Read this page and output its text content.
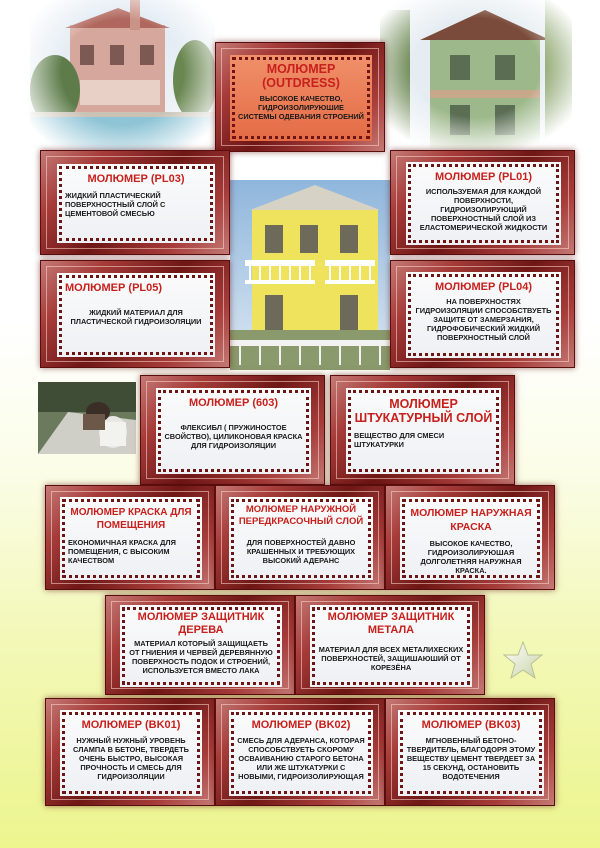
МОЛЮМЕР (OUTDRESS)
ВЫСОКОЕ КАЧЕСТВО, ГИДРОИЗОЛИРУЮШИЕ СИСТЕМЫ ОДЕВАНИЯ СТРОЕНИЙ
МОЛЮМЕР (PL03)
ЖИДКИЙ ПЛАСТИЧЕСКИЙ ПОВЕРХНОСТНЫЙ СЛОЙ С ЦЕМЕНТОВОЙ СМЕСЬЮ
МОЛЮМЕР (PL01)
ИСПОЛЬЗУЕМАЯ ДЛЯ КАЖДОЙ ПОВЕРХНОСТИ, ГИДРОИЗОЛИРУЮЩИЙ ПОВЕРХНОСТНЫЙ СЛОЙ ИЗ ЕЛАСТОМЕРИЧЕСКОЙ ЖИДКОСТИ
МОЛЮМЕР (PL05)
ЖИДКИЙ МАТЕРИАЛ ДЛЯ ПЛАСТИЧЕСКОЙ ГИДРОИЗОЛЯЦИИ
МОЛЮМЕР (PL04)
НА ПОВЕРХНОСТЯХ ГИДРОИЗОЛЯЦИИ СПОСОБСТВУЕТЬ ЗАЩИТЕ ОТ ЗАМЕРЗАНИЯ, ГИДРОФОБИЧЕСКИЙ ЖИДКИЙ ПОВЕРХНОСТНЫЙ СЛОЙ
МОЛЮМЕР (603)
ФЛЕКСИБЛ ( ПРУЖИНОСТОЕ СВОЙСТВО), ЦИЛИКОНОВАЯ КРАСКА ДЛЯ ГИДРОИЗОЛЯЦИИ
МОЛЮМЕР ШТУКАТУРНЫЙ СЛОЙ
ВЕЩЕСТВО ДЛЯ СМЕСИ ШТУКАТУРКИ
МОЛЮМЕР КРАСКА ДЛЯ ПОМЕЩЕНИЯ
ЕКОНОМИЧНАЯ КРАСКА ДЛЯ ПОМЕЩЕНИЯ, С ВЫСОКИМ КАЧЕСТВОМ
МОЛЮМЕР НАРУЖНОЙ ПЕРЕДКРАСОЧНЫЙ СЛОЙ
ДЛЯ ПОВЕРХНОСТЕЙ ДАВНО КРАШЕННЫХ И ТРЕБУЮЩИХ ВЫСОКИЙ АДЕРАНС
МОЛЮМЕР НАРУЖНАЯ КРАСКА
ВЫСОКОЕ КАЧЕСТВО, ГИДРОИЗОЛИРУЮШАЯ ДОЛГОЛЕТНЯЯ НАРУЖНАЯ КРАСКА.
МОЛЮМЕР ЗАЩИТНИК ДЕРЕВА
МАТЕРИАЛ КОТОРЫЙ ЗАЩИЩАЕТЬ ОТ ГНИЕНИЯ И ЧЕРВЕЙ ДЕРЕВЯННУЮ ПОВЕРХНОСТЬ ПОДОК И СТРОЕНИЙ, ИСПОЛЬЗУЕТСЯ ВМЕСТО ЛАКА
МОЛЮМЕР ЗАЩИТНИК МЕТАЛА
МАТЕРИАЛ ДЛЯ ВСЕХ МЕТАЛИХЕСКИХ ПОВЕРХНОСТЕЙ, ЗАЩИШАЮШИЙ ОТ КОРЕЗЁНА
МОЛЮМЕР (BK01)
НУЖНЫЙ НУЖНЫЙ УРОВЕНЬ СЛАМПА В БЕТОНЕ, ТВЕРДЕТЬ ОЧЕНЬ БЫСТРО, ВЫСОКАЯ ПРОЧНОСТЬ И СМЕСЬ ДЛЯ ГИДРОИЗОЛЯЦИИ
МОЛЮМЕР (BK02)
СМЕСЬ ДЛЯ АДЕРАНСА, КОТОРАЯ СПОСОБСТВУЕТЬ СКОРОМУ ОСВАИВАНИЮ СТАРОГО БЕТОНА ИЛИ ЖЕ ШТУКАТУРКИ С НОВЫМИ, ГИДРОИЗОЛИРУЮЩАЯ
МОЛЮМЕР (BK03)
МГНОВЕННЫЙ БЕТОНО-ТВЕРДИТЕЛЬ, БЛАГОДОРЯ ЭТОМУ ВЕЩЕСТВУ ЦЕМЕНТ ТВЕРДЕЕТ ЗА 15 СЕКУНД, ОСТАНОВИТЬ ВОДОТЕЧЕНИЯ
